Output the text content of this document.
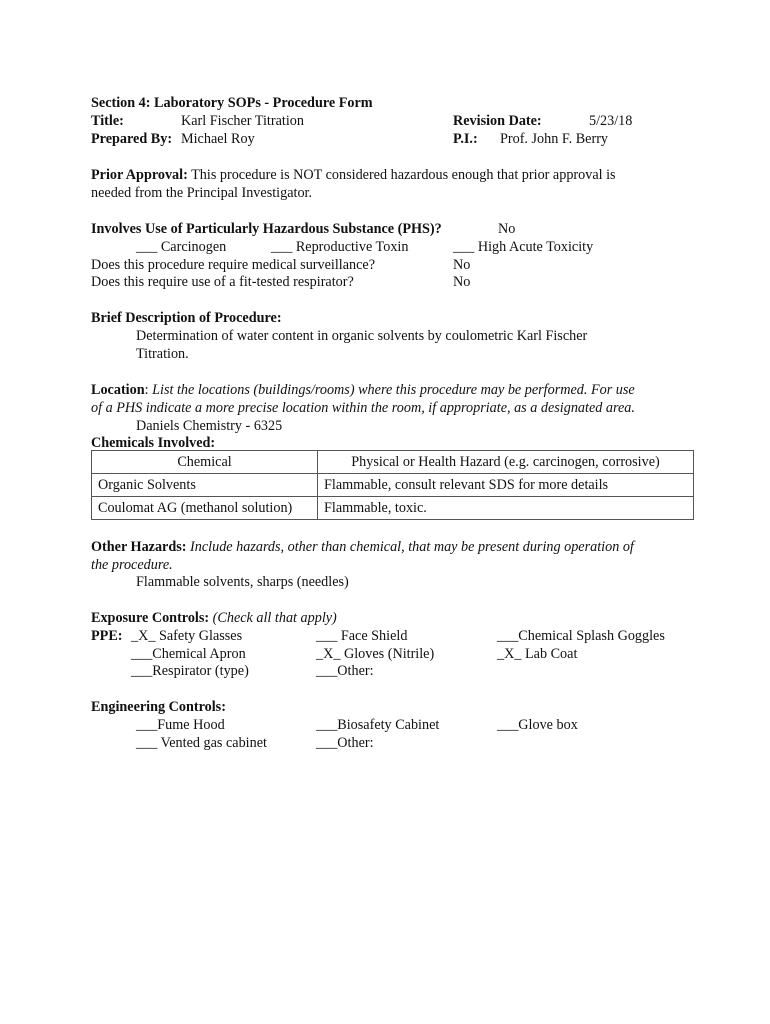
Section 4: Laboratory SOPs - Procedure Form
Title:	Karl Fischer Titration	Revision Date:	5/23/18
Prepared By: Michael Roy	P.I.: Prof. John F. Berry
Prior Approval: This procedure is NOT considered hazardous enough that prior approval is
needed from the Principal Investigator.
Involves Use of Particularly Hazardous Substance (PHS)?	No
___ Carcinogen	___ Reproductive Toxin	___ High Acute Toxicity
Does this procedure require medical surveillance?	No
Does this require use of a fit-tested respirator?	No
Brief Description of Procedure:
Determination of water content in organic solvents by coulometric Karl Fischer
Titration.
Location: List the locations (buildings/rooms) where this procedure may be performed. For use
of a PHS indicate a more precise location within the room, if appropriate, as a designated area.
Daniels Chemistry - 6325
Chemicals Involved:
Chemical	Physical or Health Hazard (e.g. carcinogen, corrosive)
Organic Solvents	Flammable, consult relevant SDS for more details
Coulomat AG (methanol solution)	Flammable, toxic.
Other Hazards: Include hazards, other than chemical, that may be present during operation of
the procedure.
Flammable solvents, sharps (needles)
Exposure Controls: (Check all that apply)
PPE: _X_ Safety Glasses	___ Face Shield	___Chemical Splash Goggles
___Chemical Apron	_X_ Gloves (Nitrile)	_X_ Lab Coat
___Respirator (type)	___Other:
Engineering Controls:
___Fume Hood	___Biosafety Cabinet	___Glove box
___ Vented gas cabinet	___Other:
